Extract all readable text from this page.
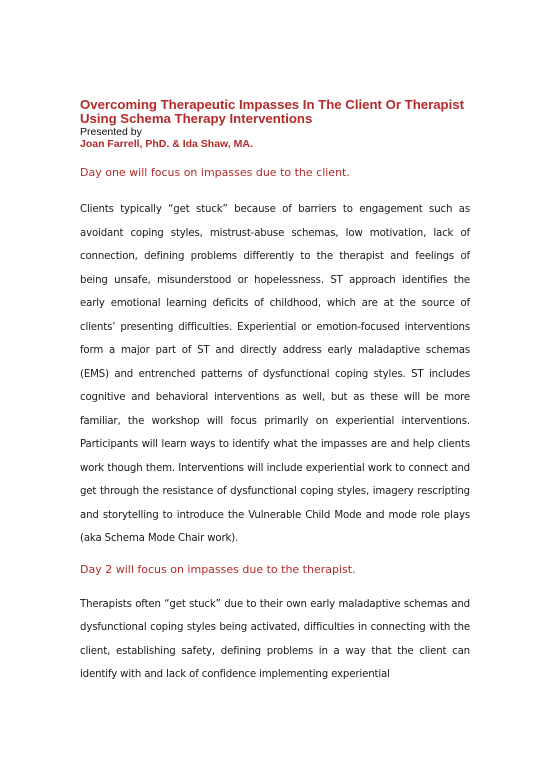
Overcoming Therapeutic Impasses In The Client Or Therapist Using Schema Therapy Interventions

Presented by

Joan Farrell, PhD. & Ida Shaw, MA.

Day one will focus on impasses due to the client.

Clients typically “get stuck” because of barriers to engagement such as avoidant coping styles, mistrust-abuse schemas, low motivation, lack of connection, defining problems differently to the therapist and feelings of being unsafe, misunderstood or hopelessness. ST approach identifies the early emotional learning deficits of childhood, which are at the source of clients’ presenting difficulties. Experiential or emotion-focused interventions form a major part of ST and directly address early maladaptive schemas (EMS) and entrenched patterns of dysfunctional coping styles. ST includes cognitive and behavioral interventions as well, but as these will be more familiar, the workshop will focus primarily on experiential interventions. Participants will learn ways to identify what the impasses are and help clients work though them. Interventions will include experiential work to connect and get through the resistance of dysfunctional coping styles, imagery rescripting and storytelling to introduce the Vulnerable Child Mode and mode role plays (aka Schema Mode Chair work).

Day 2 will focus on impasses due to the therapist.

Therapists often “get stuck” due to their own early maladaptive schemas and dysfunctional coping styles being activated, difficulties in connecting with the client, establishing safety, defining problems in a way that the client can identify with and lack of confidence implementing experiential
